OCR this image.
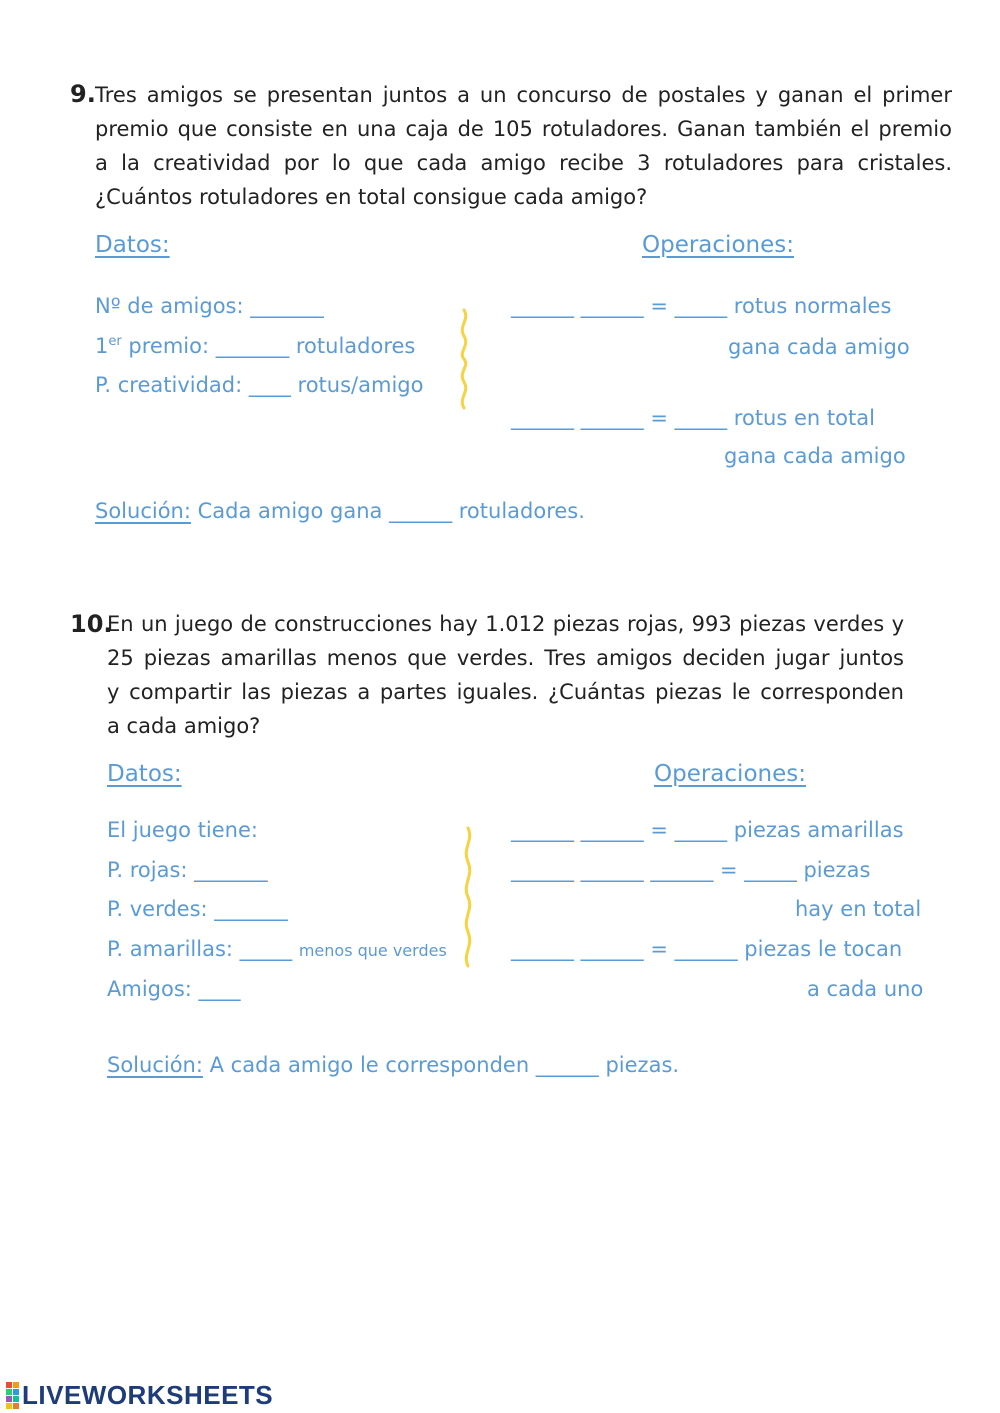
9. Tres amigos se presentan juntos a un concurso de postales y ganan el primer
premio que consiste en una caja de 105 rotuladores. Ganan también el premio
a la creatividad por lo que cada amigo recibe 3 rotuladores para cristales.
¿Cuántos rotuladores en total consigue cada amigo?
Datos:	Operaciones:
Nº de amigos: _______
1er premio: _______ rotuladores
P. creatividad: ____ rotus/amigo
______ ______ = _____ rotus normales
gana cada amigo
______ ______ = _____ rotus en total
gana cada amigo
Solución: Cada amigo gana ______ rotuladores.
10.
En un juego de construcciones hay 1.012 piezas rojas, 993 piezas verdes y
25 piezas amarillas menos que verdes. Tres amigos deciden jugar juntos
y compartir las piezas a partes iguales. ¿Cuántas piezas le corresponden
a cada amigo?
Datos:	Operaciones:
El juego tiene:
P. rojas: _______
P. verdes: _______
P. amarillas: _____ menos que verdes
Amigos: ____
______ ______ = _____ piezas amarillas
______ ______ ______ = _____ piezas
hay en total
______ ______ = ______ piezas le tocan
a cada uno
Solución: A cada amigo le corresponden ______ piezas.
LIVEWORKSHEETS
